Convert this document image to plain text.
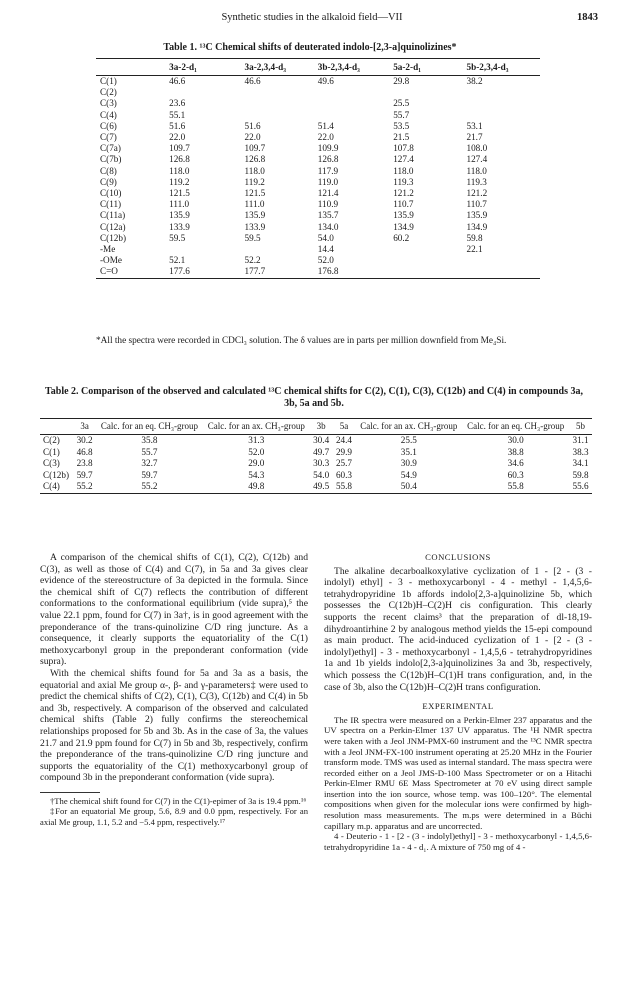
Synthetic studies in the alkaloid field—VII	1843
Table 1. ¹³C Chemical shifts of deuterated indolo-[2,3-a]quinolizines*
	3a-2-d₁	3a-2,3,4-d₃	3b-2,3,4-d₃	5a-2-d₁	5b-2,3,4-d₃
C(1)	46.6	46.6	49.6	29.8	38.2
C(2)					
C(3)	23.6			25.5	
C(4)	55.1			55.7	
C(6)	51.6	51.6	51.4	53.5	53.1
C(7)	22.0	22.0	22.0	21.5	21.7
C(7a)	109.7	109.7	109.9	107.8	108.0
C(7b)	126.8	126.8	126.8	127.4	127.4
C(8)	118.0	118.0	117.9	118.0	118.0
C(9)	119.2	119.2	119.0	119.3	119.3
C(10)	121.5	121.5	121.4	121.2	121.2
C(11)	111.0	111.0	110.9	110.7	110.7
C(11a)	135.9	135.9	135.7	135.9	135.9
C(12a)	133.9	133.9	134.0	134.9	134.9
C(12b)	59.5	59.5	54.0	60.2	59.8
-Me			14.4		22.1
-OMe	52.1	52.2	52.0		
C=O	177.6	177.7	176.8		
*All the spectra were recorded in CDCl₃ solution. The δ values are in parts per million downfield from Me₄Si.
Table 2. Comparison of the observed and calculated ¹³C chemical shifts for C(2), C(1), C(3), C(12b) and C(4) in compounds 3a, 3b, 5a and 5b.
	3a	Calc. for an eq. CH₃-group	Calc. for an ax. CH₃-group	3b	5a	Calc. for an ax. CH₃-group	Calc. for an eq. CH₃-group	5b
C(2)	30.2	35.8	31.3	30.4	24.4	25.5	30.0	31.1
C(1)	46.8	55.7	52.0	49.7	29.9	35.1	38.8	38.3
C(3)	23.8	32.7	29.0	30.3	25.7	30.9	34.6	34.1
C(12b)	59.7	59.7	54.3	54.0	60.3	54.9	60.3	59.8
C(4)	55.2	55.2	49.8	49.5	55.8	50.4	55.8	55.6

A comparison of the chemical shifts of C(1), C(2), C(12b) and C(3), as well as those of C(4) and C(7), in 5a and 3a gives clear evidence of the stereostructure of 3a depicted in the formula. Since the chemical shift of C(7) reflects the contribution of different conformations to the conformational equilibrium (vide supra),⁵ the value 22.1 ppm, found for C(7) in 3a†, is in good agreement with the preponderance of the trans-quinolizine C/D ring juncture. As a consequence, it clearly supports the equatoriality of the C(1) methoxycarbonyl group in the preponderant conformation (vide supra).

With the chemical shifts found for 5a and 3a as a basis, the equatorial and axial Me group α-, β- and γ-parameters‡ were used to predict the chemical shifts of C(2), C(1), C(3), C(12b) and C(4) in 5b and 3b, respectively. A comparison of the observed and calculated chemical shifts (Table 2) fully confirms the stereochemical relationships proposed for 5b and 3b. As in the case of 3a, the values 21.7 and 21.9 ppm found for C(7) in 5b and 3b, respectively, confirm the preponderance of the trans-quinolizine C/D ring juncture and supports the equatoriality of the C(1) methoxycarbonyl group of compound 3b in the preponderant conformation (vide supra).

†The chemical shift found for C(7) in the C(1)-epimer of 3a is 19.4 ppm.¹⁶

‡For an equatorial Me group, 5.6, 8.9 and 0.0 ppm, respectively. For an axial Me group, 1.1, 5.2 and −5.4 ppm, respectively.¹⁷

CONCLUSIONS

The alkaline decarboalkoxylative cyclization of 1 - [2 - (3 - indolyl) ethyl] - 3 - methoxycarbonyl - 4 - methyl - 1,4,5,6-tetrahydropyridine 1b affords indolo[2,3-a]quinolizine 5b, which possesses the C(12b)H–C(2)H cis configuration. This clearly supports the recent claims³ that the preparation of dl-18,19-dihydroantirhine 2 by analogous method yields the 15-epi compound as main product. The acid-induced cyclization of 1 - [2 - (3 - indolyl)ethyl] - 3 - methoxycarbonyl - 1,4,5,6 - tetrahydropyridines 1a and 1b yields indolo[2,3-a]quinolizines 3a and 3b, respectively, which possess the C(12b)H–C(1)H trans configuration, and, in the case of 3b, also the C(12b)H–C(2)H trans configuration.

EXPERIMENTAL

The IR spectra were measured on a Perkin-Elmer 237 apparatus and the UV spectra on a Perkin-Elmer 137 UV apparatus. The ¹H NMR spectra were taken with a Jeol JNM-PMX-60 instrument and the ¹³C NMR spectra with a Jeol JNM-FX-100 instrument operating at 25.20 MHz in the Fourier transform mode. TMS was used as internal standard. The mass spectra were recorded either on a Jeol JMS-D-100 Mass Spectrometer or on a Hitachi Perkin-Elmer RMU 6E Mass Spectrometer at 70 eV using direct sample insertion into the ion source, whose temp. was 100–120°. The elemental compositions when given for the molecular ions were confirmed by high-resolution mass measurements. The m.ps were determined in a Büchi capillary m.p. apparatus and are uncorrected.

4 - Deuterio - 1 - [2 - (3 - indolyl)ethyl] - 3 - methoxycarbonyl - 1,4,5,6-tetrahydropyridine 1a - 4 - d₁. A mixture of 750 mg of 4 -
